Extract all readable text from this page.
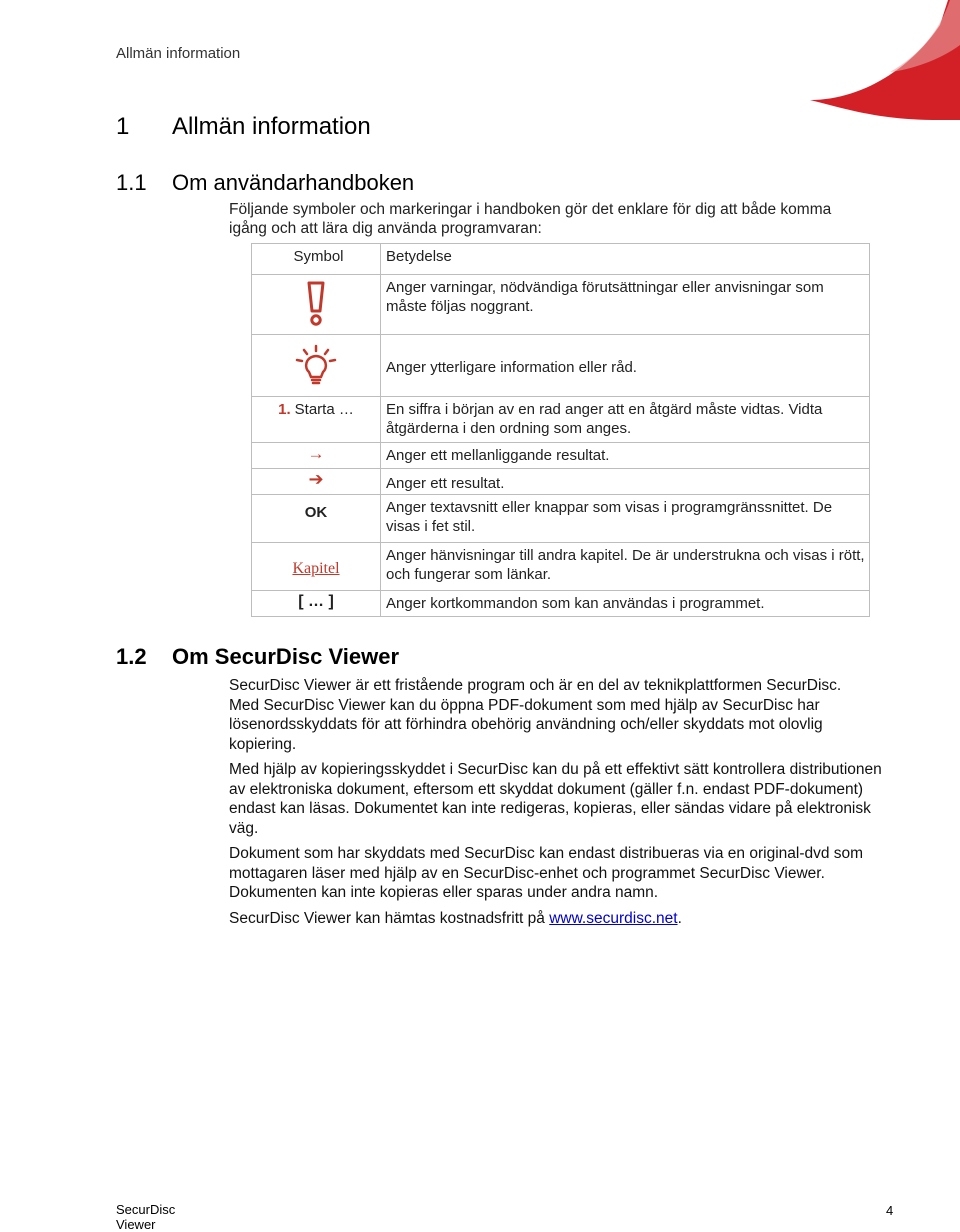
Allmän information
1 Allmän information
1.1 Om användarhandboken
Följande symboler och markeringar i handboken gör det enklare för dig att både komma igång och att lära dig använda programvaran:
Symbol	Betydelse
	Anger varningar, nödvändiga förutsättningar eller anvisningar som måste följas noggrant.
	Anger ytterligare information eller råd.

1. Starta …	En siffra i början av en rad anger att en åtgärd måste vidtas. Vidta åtgärderna i den ordning som anges.

→	Anger ett mellanliggande resultat.

➔	Anger ett resultat.

OK	Anger textavsnitt eller knappar som visas i programgränssnittet. De visas i fet stil.

Kapitel	Anger hänvisningar till andra kapitel. De är understrukna och visas i rött, och fungerar som länkar.

[ … ]	Anger kortkommandon som kan användas i programmet.
1.2 Om SecurDisc Viewer

SecurDisc Viewer är ett fristående program och är en del av teknikplattformen SecurDisc.
Med SecurDisc Viewer kan du öppna PDF-dokument som med hjälp av SecurDisc har lösenordsskyddats för att förhindra obehörig användning och/eller skyddats mot olovlig kopiering.

Med hjälp av kopieringsskyddet i SecurDisc kan du på ett effektivt sätt kontrollera distributionen av elektroniska dokument, eftersom ett skyddat dokument (gäller f.n. endast PDF-dokument) endast kan läsas. Dokumentet kan inte redigeras, kopieras, eller sändas vidare på elektronisk väg.

Dokument som har skyddats med SecurDisc kan endast distribueras via en original-dvd som mottagaren läser med hjälp av en SecurDisc-enhet och programmet SecurDisc Viewer. Dokumenten kan inte kopieras eller sparas under andra namn.

SecurDisc Viewer kan hämtas kostnadsfritt på www.securdisc.net.

SecurDisc
Viewer
4
